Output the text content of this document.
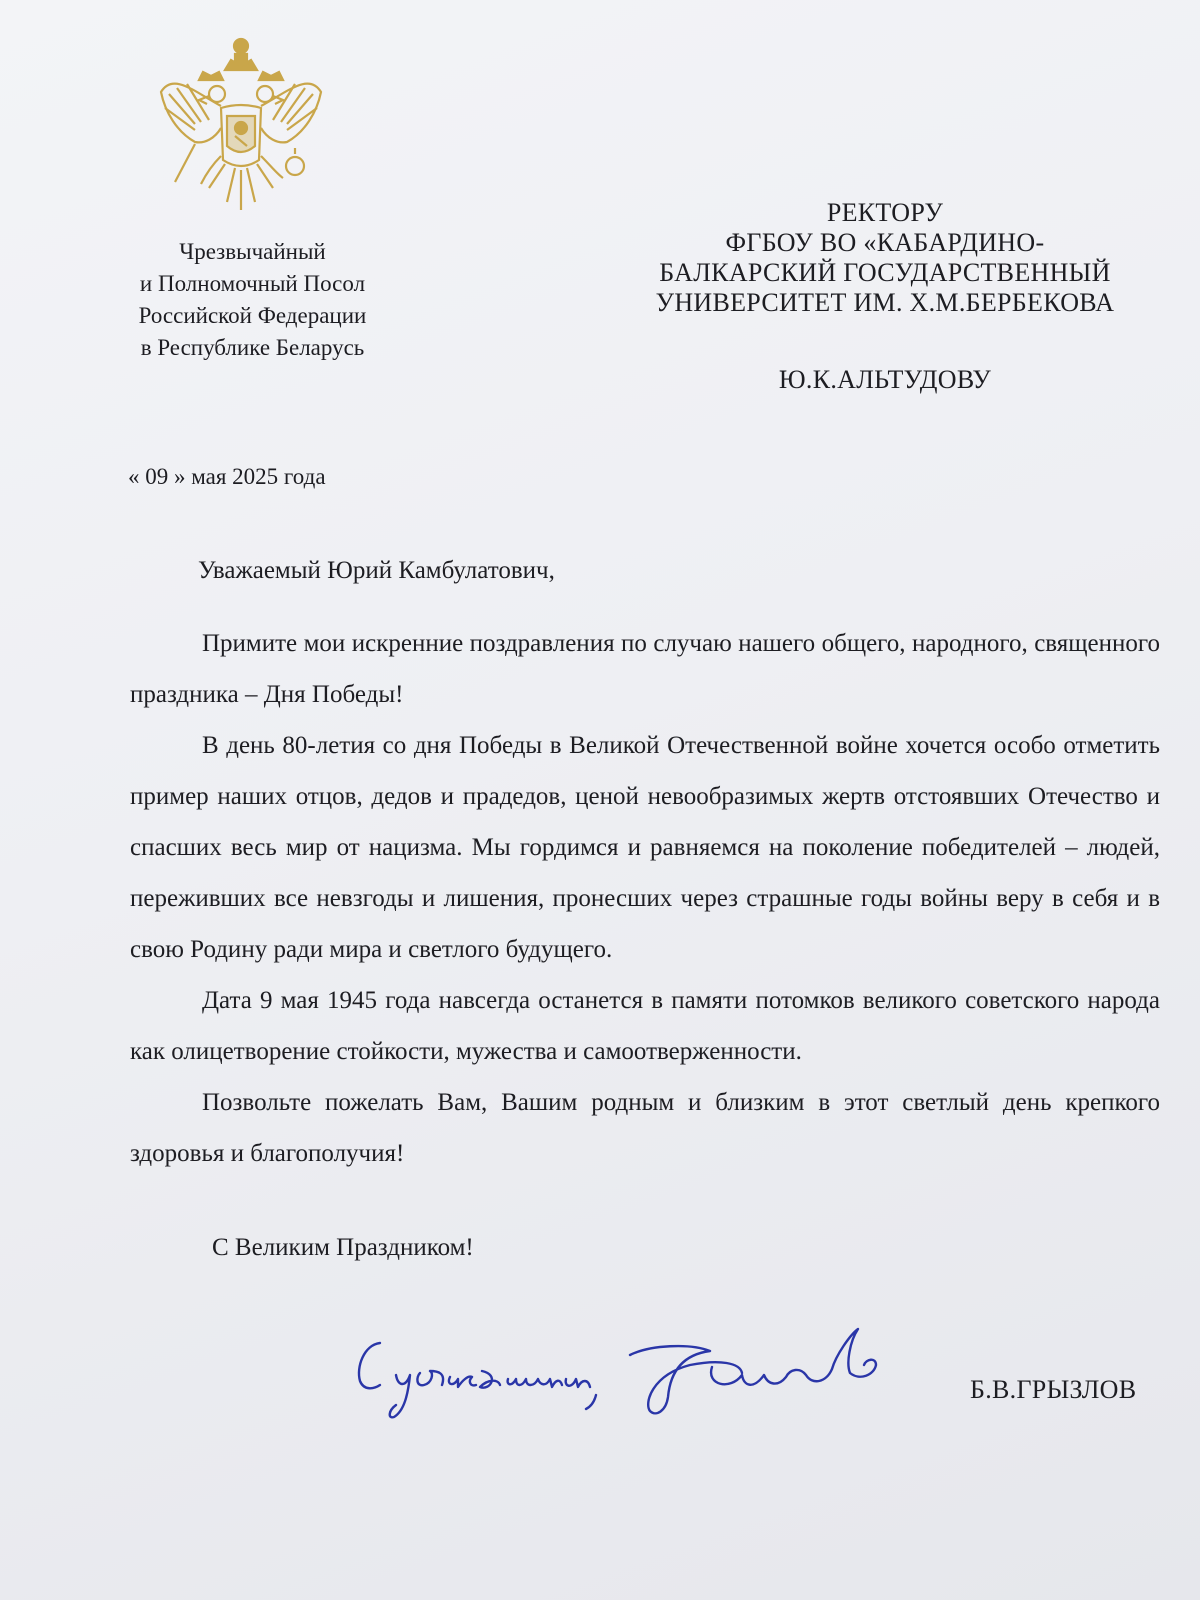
Чрезвычайный
и Полномочный Посол
Российской Федерации
в Республике Беларусь
РЕКТОРУ
ФГБОУ ВО «КАБАРДИНО-
БАЛКАРСКИЙ ГОСУДАРСТВЕННЫЙ
УНИВЕРСИТЕТ ИМ. Х.М.БЕРБЕКОВА
Ю.К.АЛЬТУДОВУ
« 09 » мая 2025 года
Уважаемый Юрий Камбулатович,

Примите мои искренние поздравления по случаю нашего общего, народного, священного праздника – Дня Победы!

В день 80-летия со дня Победы в Великой Отечественной войне хочется особо отметить пример наших отцов, дедов и прадедов, ценой невообразимых жертв отстоявших Отечество и спасших весь мир от нацизма. Мы гордимся и равняемся на поколение победителей – людей, переживших все невзгоды и лишения, пронесших через страшные годы войны веру в себя и в свою Родину ради мира и светлого будущего.

Дата 9 мая 1945 года навсегда останется в памяти потомков великого советского народа как олицетворение стойкости, мужества и самоотверженности.

Позвольте пожелать Вам, Вашим родным и близким в этот светлый день крепкого здоровья и благополучия!

С Великим Праздником!
С уважением,
Б.В.ГРЫЗЛОВ
